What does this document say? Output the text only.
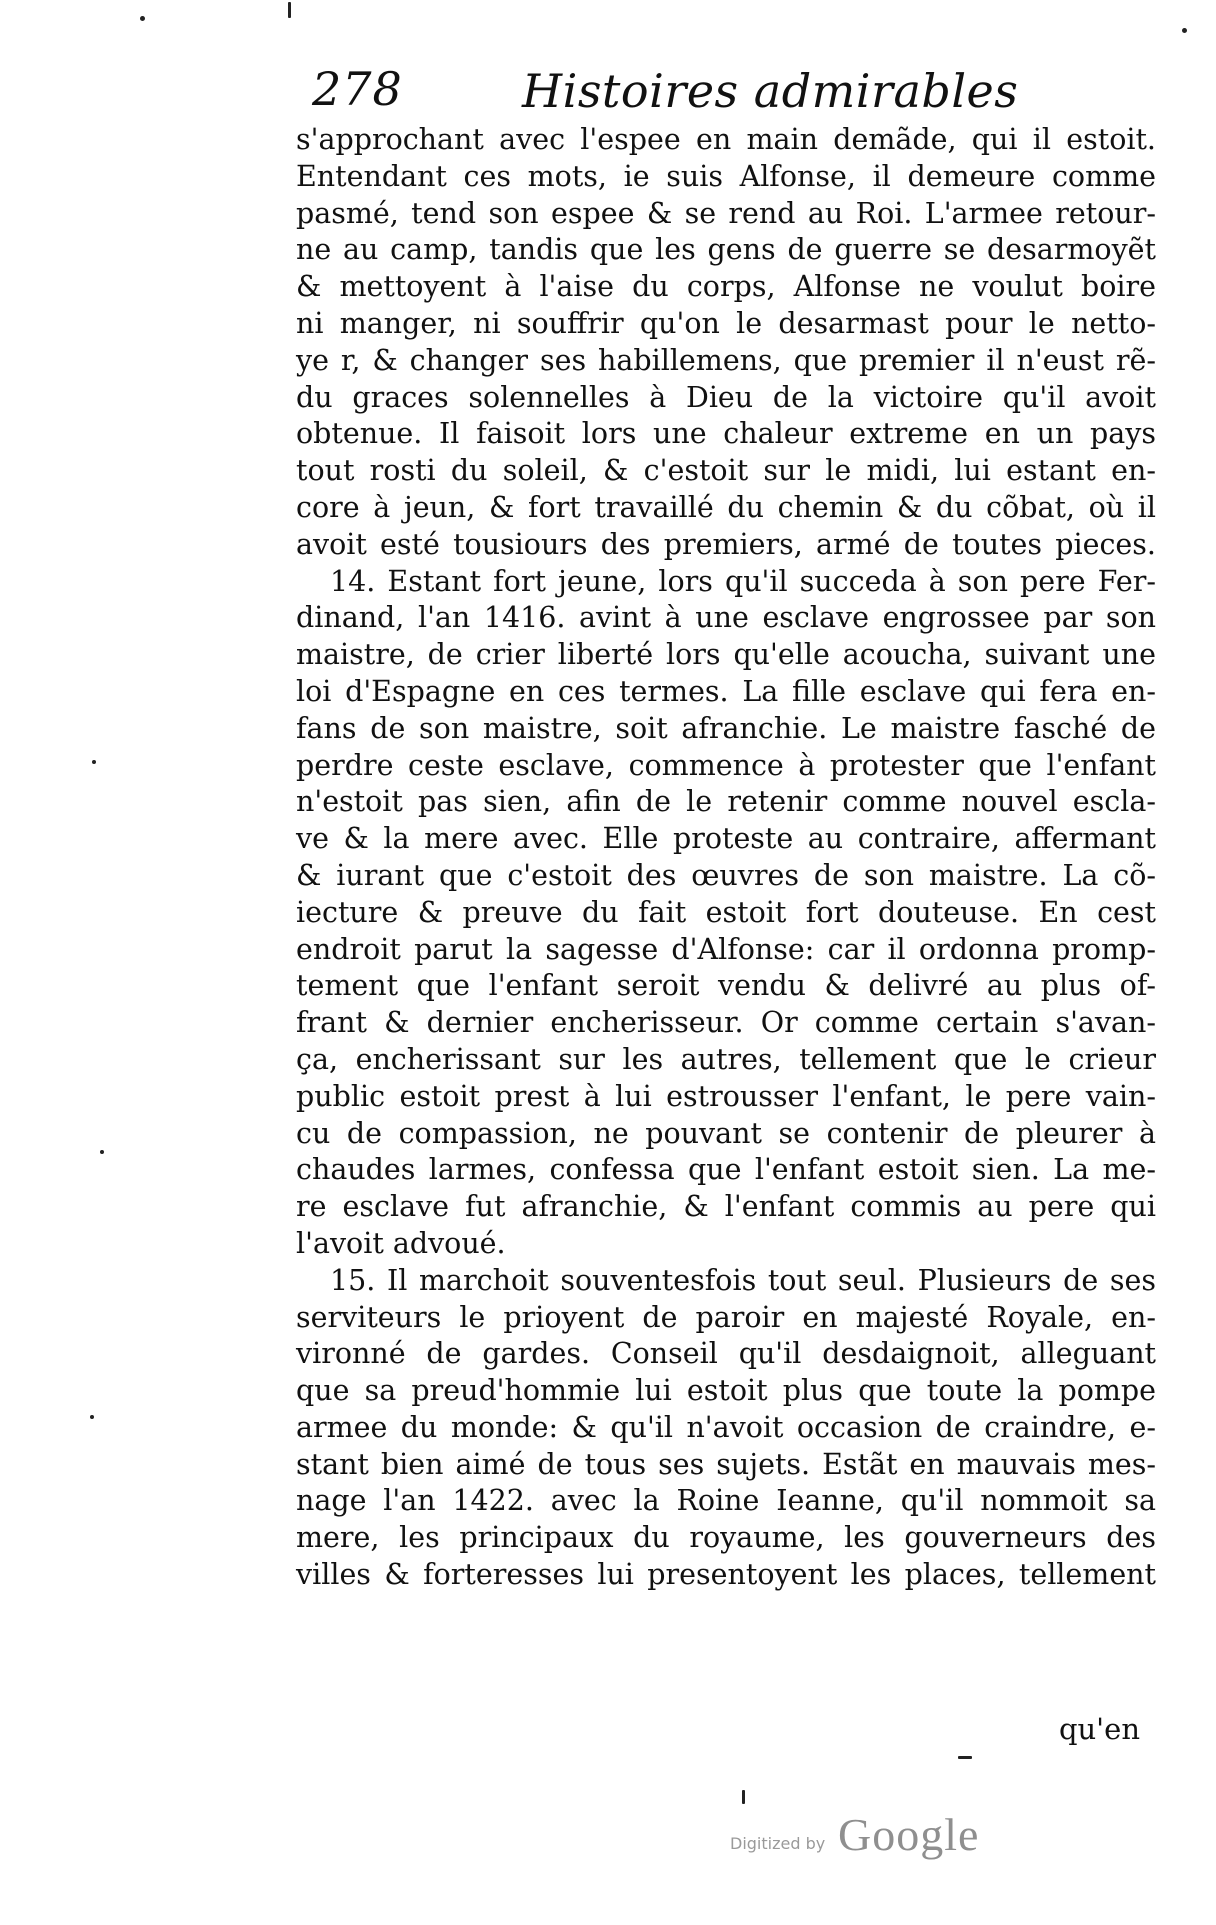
278	Histoires admirables
s'approchant avec l'espee en main demãde, qui il estoit.
Entendant ces mots, ie suis Alfonse, il demeure comme
pasmé, tend son espee & se rend au Roi. L'armee retour-
ne au camp, tandis que les gens de guerre se desarmoyẽt
& mettoyent à l'aise du corps, Alfonse ne voulut boire
ni manger, ni souffrir qu'on le desarmast pour le netto-
ye r, & changer ses habillemens, que premier il n'eust rẽ-
du graces solennelles à Dieu de la victoire qu'il avoit
obtenue. Il faisoit lors une chaleur extreme en un pays
tout rosti du soleil, & c'estoit sur le midi, lui estant en-
core à jeun, & fort travaillé du chemin & du cõbat, où il
avoit esté tousiours des premiers, armé de toutes pieces.
14. Estant fort jeune, lors qu'il succeda à son pere Fer-
dinand, l'an 1416. avint à une esclave engrossee par son
maistre, de crier liberté lors qu'elle acoucha, suivant une
loi d'Espagne en ces termes. La fille esclave qui fera en-
fans de son maistre, soit afranchie. Le maistre fasché de
perdre ceste esclave, commence à protester que l'enfant
n'estoit pas sien, afin de le retenir comme nouvel escla-
ve & la mere avec. Elle proteste au contraire, affermant
& iurant que c'estoit des œuvres de son maistre. La cõ-
iecture & preuve du fait estoit fort douteuse. En cest
endroit parut la sagesse d'Alfonse: car il ordonna promp-
tement que l'enfant seroit vendu & delivré au plus of-
frant & dernier encherisseur. Or comme certain s'avan-
ça, encherissant sur les autres, tellement que le crieur
public estoit prest à lui estrousser l'enfant, le pere vain-
cu de compassion, ne pouvant se contenir de pleurer à
chaudes larmes, confessa que l'enfant estoit sien. La me-
re esclave fut afranchie, & l'enfant commis au pere qui
l'avoit advoué.
15. Il marchoit souventesfois tout seul. Plusieurs de ses
serviteurs le prioyent de paroir en majesté Royale, en-
vironné de gardes. Conseil qu'il desdaignoit, alleguant
que sa preud'hommie lui estoit plus que toute la pompe
armee du monde: & qu'il n'avoit occasion de craindre, e-
stant bien aimé de tous ses sujets. Estãt en mauvais mes-
nage l'an 1422. avec la Roine Ieanne, qu'il nommoit sa
mere, les principaux du royaume, les gouverneurs des
villes & forteresses lui presentoyent les places, tellement
qu'en
Digitized by Google
